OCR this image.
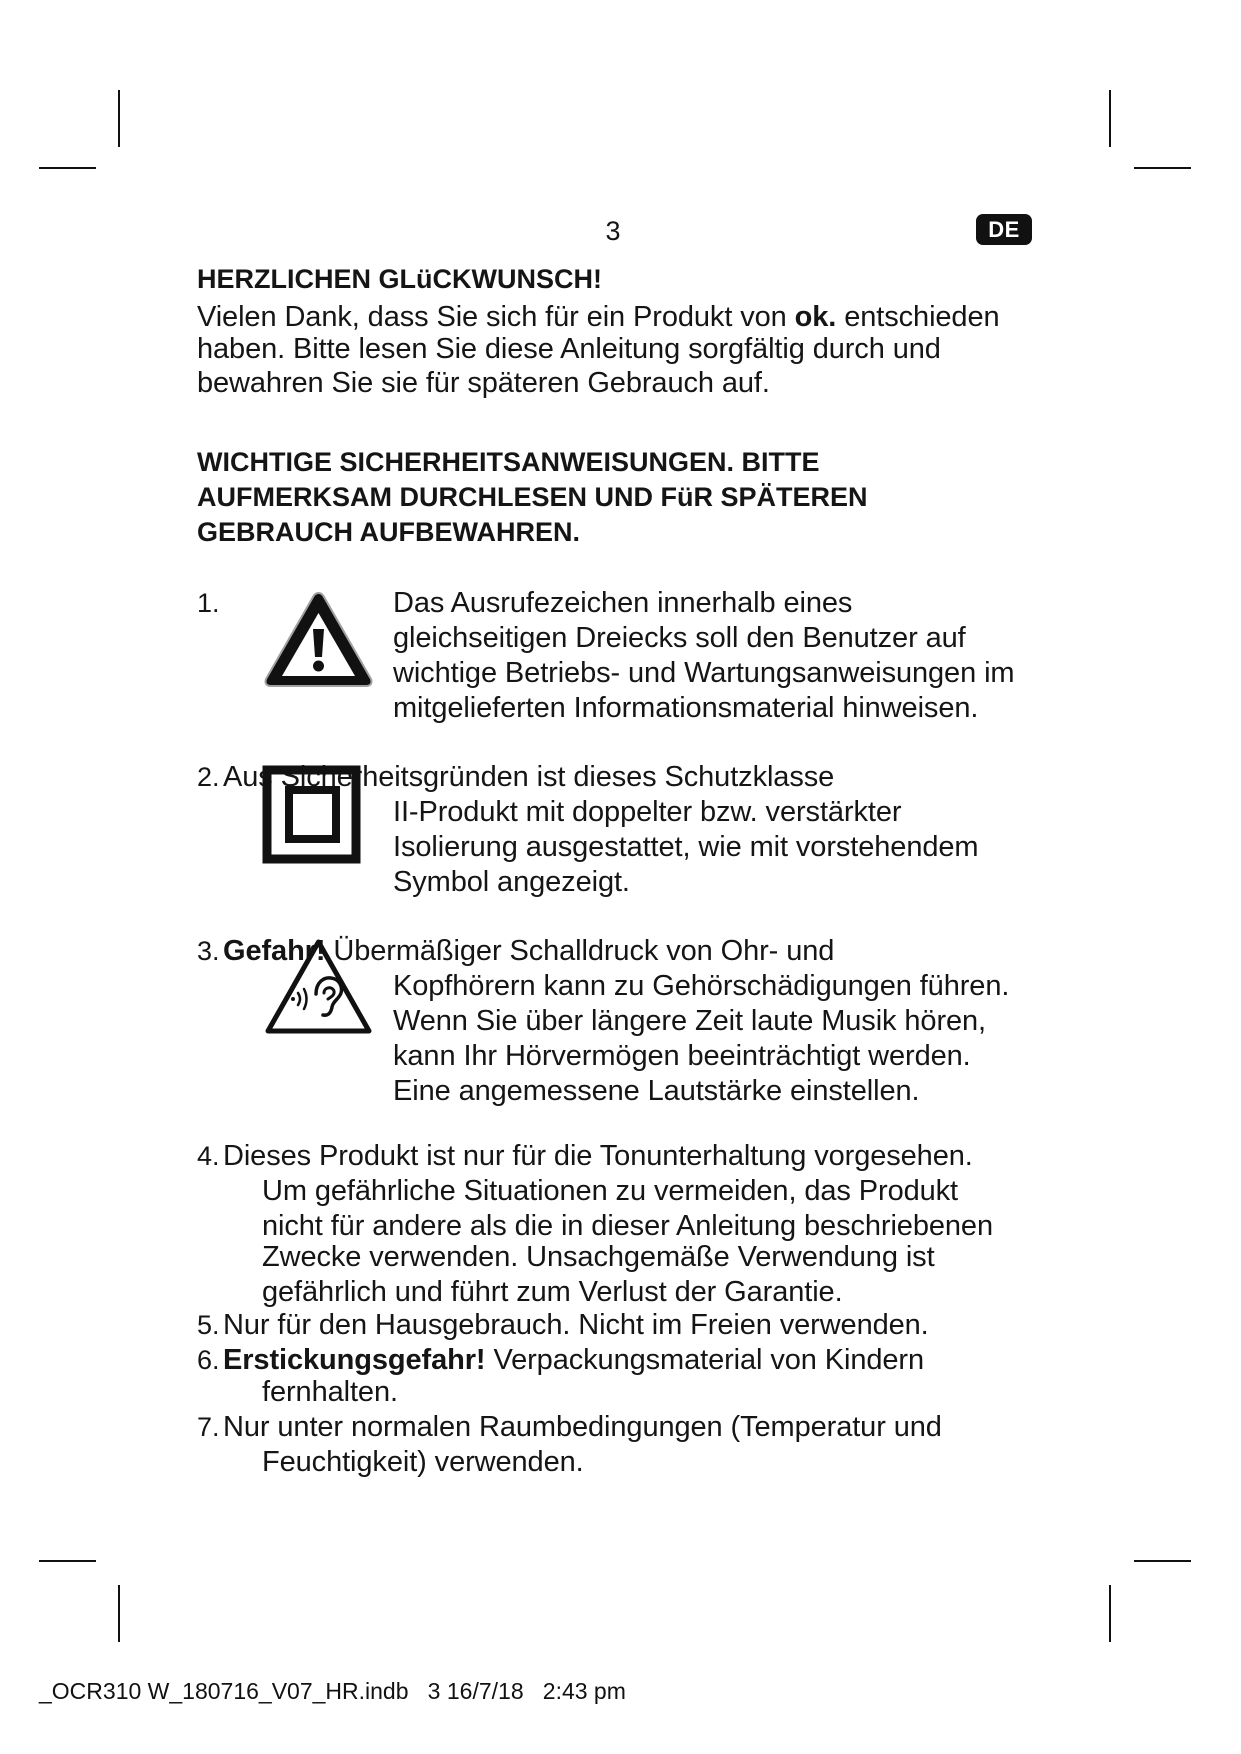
3	DE
HERZLICHEN GLüCKWUNSCH!
Vielen Dank, dass Sie sich für ein Produkt von ok. entschieden
haben. Bitte lesen Sie diese Anleitung sorgfältig durch und
bewahren Sie sie für späteren Gebrauch auf.
WICHTIGE SICHERHEITSANWEISUNGEN. BITTE
AUFMERKSAM DURCHLESEN UND FüR SPÄTEREN
GEBRAUCH AUFBEWAHREN.
1.	Das Ausrufezeichen innerhalb eines
gleichseitigen Dreiecks soll den Benutzer auf
wichtige Betriebs- und Wartungsanweisungen im
mitgelieferten Informationsmaterial hinweisen.
2. Aus Sicherheitsgründen ist dieses Schutzklasse
II-Produkt mit doppelter bzw. verstärkter
Isolierung ausgestattet, wie mit vorstehendem
Symbol angezeigt.
3. Gefahr! Übermäßiger Schalldruck von Ohr- und
Kopfhörern kann zu Gehörschädigungen führen.
Wenn Sie über längere Zeit laute Musik hören,
kann Ihr Hörvermögen beeinträchtigt werden.
Eine angemessene Lautstärke einstellen.
4. Dieses Produkt ist nur für die Tonunterhaltung vorgesehen.
Um gefährliche Situationen zu vermeiden, das Produkt
nicht für andere als die in dieser Anleitung beschriebenen
Zwecke verwenden. Unsachgemäße Verwendung ist
gefährlich und führt zum Verlust der Garantie.
5. Nur für den Hausgebrauch. Nicht im Freien verwenden.
6. Erstickungsgefahr! Verpackungsmaterial von Kindern
fernhalten.
7. Nur unter normalen Raumbedingungen (Temperatur und
Feuchtigkeit) verwenden.
_OCR310 W_180716_V07_HR.indb   3 16/7/18   2:43 pm
